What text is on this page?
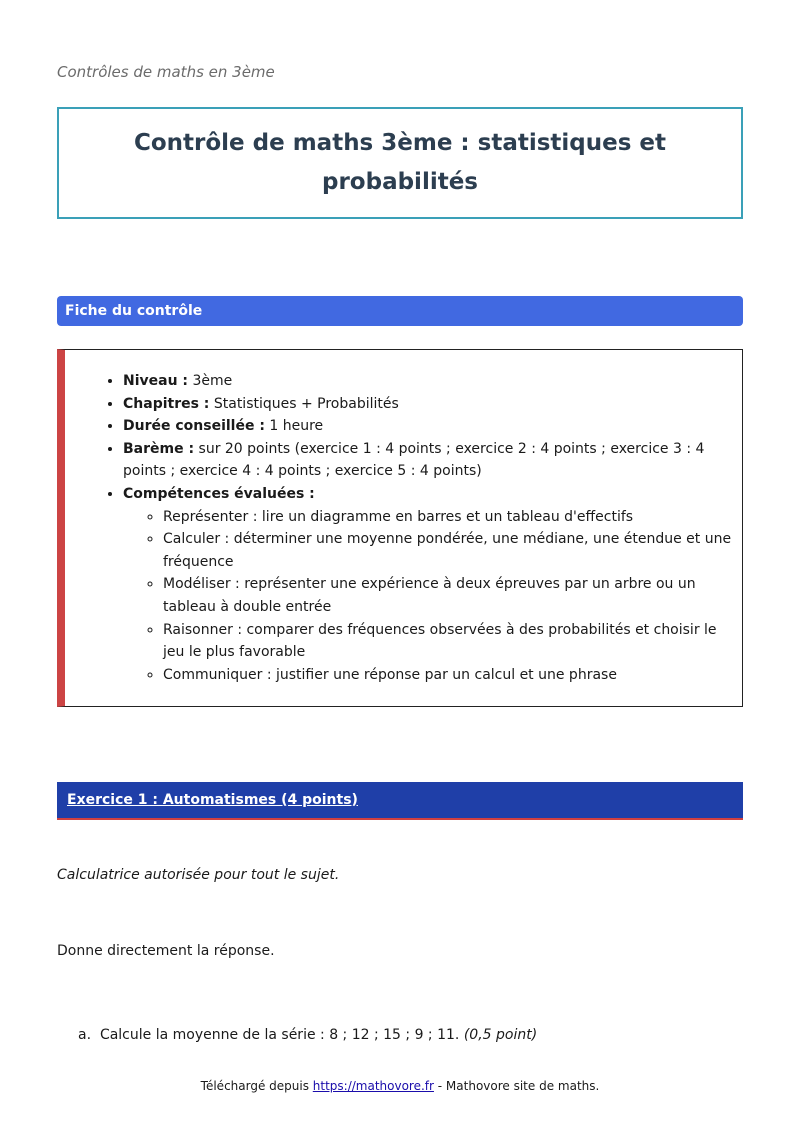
Contrôles de maths en 3ème
Contrôle de maths 3ème : statistiques et probabilités
Fiche du contrôle
• Niveau : 3ème
• Chapitres : Statistiques + Probabilités
• Durée conseillée : 1 heure
• Barème : sur 20 points (exercice 1 : 4 points ; exercice 2 : 4 points ; exercice 3 : 4 points ; exercice 4 : 4 points ; exercice 5 : 4 points)
• Compétences évaluées :
◦ Représenter : lire un diagramme en barres et un tableau d'effectifs
◦ Calculer : déterminer une moyenne pondérée, une médiane, une étendue et une fréquence
◦ Modéliser : représenter une expérience à deux épreuves par un arbre ou un tableau à double entrée
◦ Raisonner : comparer des fréquences observées à des probabilités et choisir le jeu le plus favorable
◦ Communiquer : justifier une réponse par un calcul et une phrase
Exercice 1 : Automatismes (4 points)
Calculatrice autorisée pour tout le sujet.
Donne directement la réponse.
a. Calcule la moyenne de la série : 8 ; 12 ; 15 ; 9 ; 11. (0,5 point)
Téléchargé depuis https://mathovore.fr - Mathovore site de maths.
